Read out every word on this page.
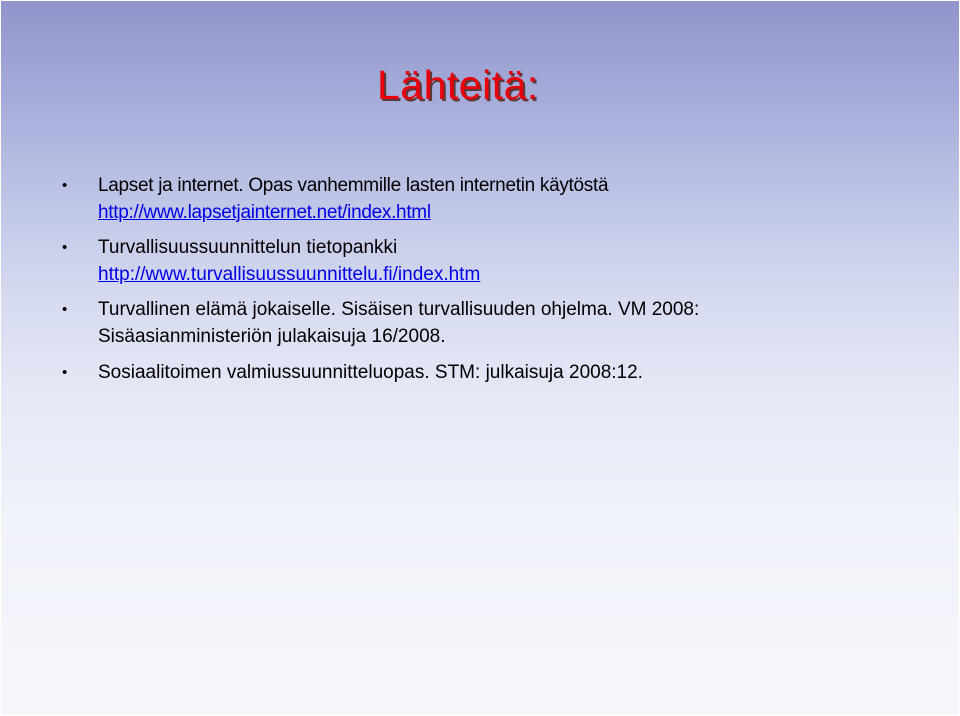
Lähteitä:
• Lapset ja internet. Opas vanhemmille lasten internetin käytöstä
http://www.lapsetjainternet.net/index.html
• Turvallisuussuunnittelun tietopankki
http://www.turvallisuussuunnittelu.fi/index.htm
• Turvallinen elämä jokaiselle. Sisäisen turvallisuuden ohjelma. VM 2008:
Sisäasianministeriön julakaisuja 16/2008.
• Sosiaalitoimen valmiussuunnitteluopas. STM: julkaisuja 2008:12.
